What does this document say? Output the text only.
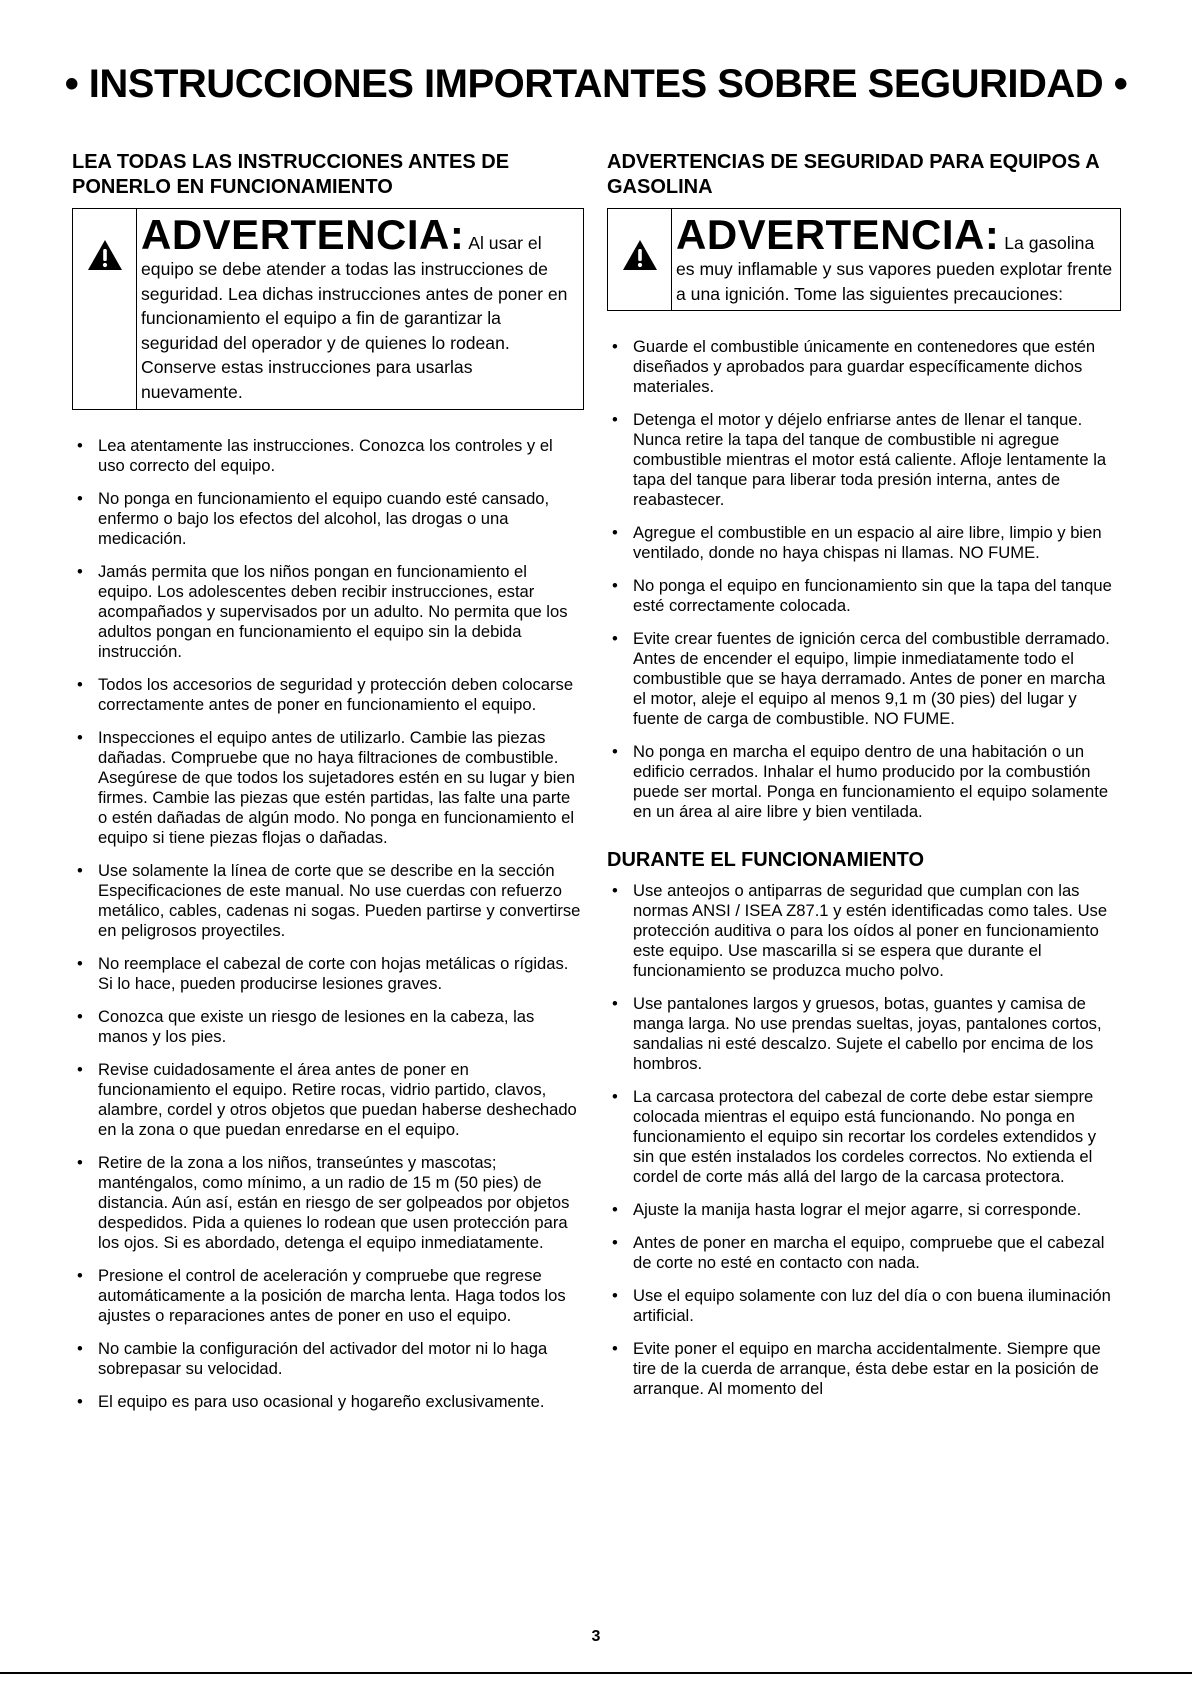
• INSTRUCCIONES IMPORTANTES SOBRE SEGURIDAD •
LEA TODAS LAS INSTRUCCIONES ANTES DE PONERLO EN FUNCIONAMIENTO
ADVERTENCIA: Al usar el equipo se debe atender a todas las instrucciones de seguridad. Lea dichas instrucciones antes de poner en funcionamiento el equipo a fin de garantizar la seguridad del operador y de quienes lo rodean. Conserve estas instrucciones para usarlas nuevamente.
• Lea atentamente las instrucciones. Conozca los controles y el uso correcto del equipo.
• No ponga en funcionamiento el equipo cuando esté cansado, enfermo o bajo los efectos del alcohol, las drogas o una medicación.
• Jamás permita que los niños pongan en funcionamiento el equipo. Los adolescentes deben recibir instrucciones, estar acompañados y supervisados por un adulto. No permita que los adultos pongan en funcionamiento el equipo sin la debida instrucción.
• Todos los accesorios de seguridad y protección deben colocarse correctamente antes de poner en funcionamiento el equipo.
• Inspecciones el equipo antes de utilizarlo. Cambie las piezas dañadas. Compruebe que no haya filtraciones de combustible. Asegúrese de que todos los sujetadores estén en su lugar y bien firmes. Cambie las piezas que estén partidas, las falte una parte o estén dañadas de algún modo. No ponga en funcionamiento el equipo si tiene piezas flojas o dañadas.
• Use solamente la línea de corte que se describe en la sección Especificaciones de este manual. No use cuerdas con refuerzo metálico, cables, cadenas ni sogas. Pueden partirse y convertirse en peligrosos proyectiles.
• No reemplace el cabezal de corte con hojas metálicas o rígidas. Si lo hace, pueden producirse lesiones graves.
• Conozca que existe un riesgo de lesiones en la cabeza, las manos y los pies.
• Revise cuidadosamente el área antes de poner en funcionamiento el equipo. Retire rocas, vidrio partido, clavos, alambre, cordel y otros objetos que puedan haberse deshechado en la zona o que puedan enredarse en el equipo.
• Retire de la zona a los niños, transeúntes y mascotas; manténgalos, como mínimo, a un radio de 15 m (50 pies) de distancia. Aún así, están en riesgo de ser golpeados por objetos despedidos. Pida a quienes lo rodean que usen protección para los ojos. Si es abordado, detenga el equipo inmediatamente.
• Presione el control de aceleración y compruebe que regrese automáticamente a la posición de marcha lenta. Haga todos los ajustes o reparaciones antes de poner en uso el equipo.
• No cambie la configuración del activador del motor ni lo haga sobrepasar su velocidad.
• El equipo es para uso ocasional y hogareño exclusivamente.
ADVERTENCIAS DE SEGURIDAD PARA EQUIPOS A GASOLINA
ADVERTENCIA: La gasolina es muy inflamable y sus vapores pueden explotar frente a una ignición. Tome las siguientes precauciones:
• Guarde el combustible únicamente en contenedores que estén diseñados y aprobados para guardar específicamente dichos materiales.
• Detenga el motor y déjelo enfriarse antes de llenar el tanque. Nunca retire la tapa del tanque de combustible ni agregue combustible mientras el motor está caliente. Afloje lentamente la tapa del tanque para liberar toda presión interna, antes de reabastecer.
• Agregue el combustible en un espacio al aire libre, limpio y bien ventilado, donde no haya chispas ni llamas. NO FUME.
• No ponga el equipo en funcionamiento sin que la tapa del tanque esté correctamente colocada.
• Evite crear fuentes de ignición cerca del combustible derramado. Antes de encender el equipo, limpie inmediatamente todo el combustible que se haya derramado. Antes de poner en marcha el motor, aleje el equipo al menos 9,1 m (30 pies) del lugar y fuente de carga de combustible. NO FUME.
• No ponga en marcha el equipo dentro de una habitación o un edificio cerrados. Inhalar el humo producido por la combustión puede ser mortal. Ponga en funcionamiento el equipo solamente en un área al aire libre y bien ventilada.
DURANTE EL FUNCIONAMIENTO
• Use anteojos o antiparras de seguridad que cumplan con las normas ANSI / ISEA Z87.1 y estén identificadas como tales. Use protección auditiva o para los oídos al poner en funcionamiento este equipo. Use mascarilla si se espera que durante el funcionamiento se produzca mucho polvo.
• Use pantalones largos y gruesos, botas, guantes y camisa de manga larga. No use prendas sueltas, joyas, pantalones cortos, sandalias ni esté descalzo. Sujete el cabello por encima de los hombros.
• La carcasa protectora del cabezal de corte debe estar siempre colocada mientras el equipo está funcionando. No ponga en funcionamiento el equipo sin recortar los cordeles extendidos y sin que estén instalados los cordeles correctos. No extienda el cordel de corte más allá del largo de la carcasa protectora.
• Ajuste la manija hasta lograr el mejor agarre, si corresponde.
• Antes de poner en marcha el equipo, compruebe que el cabezal de corte no esté en contacto con nada.
• Use el equipo solamente con luz del día o con buena iluminación artificial.
• Evite poner el equipo en marcha accidentalmente. Siempre que tire de la cuerda de arranque, ésta debe estar en la posición de arranque. Al momento del
3
